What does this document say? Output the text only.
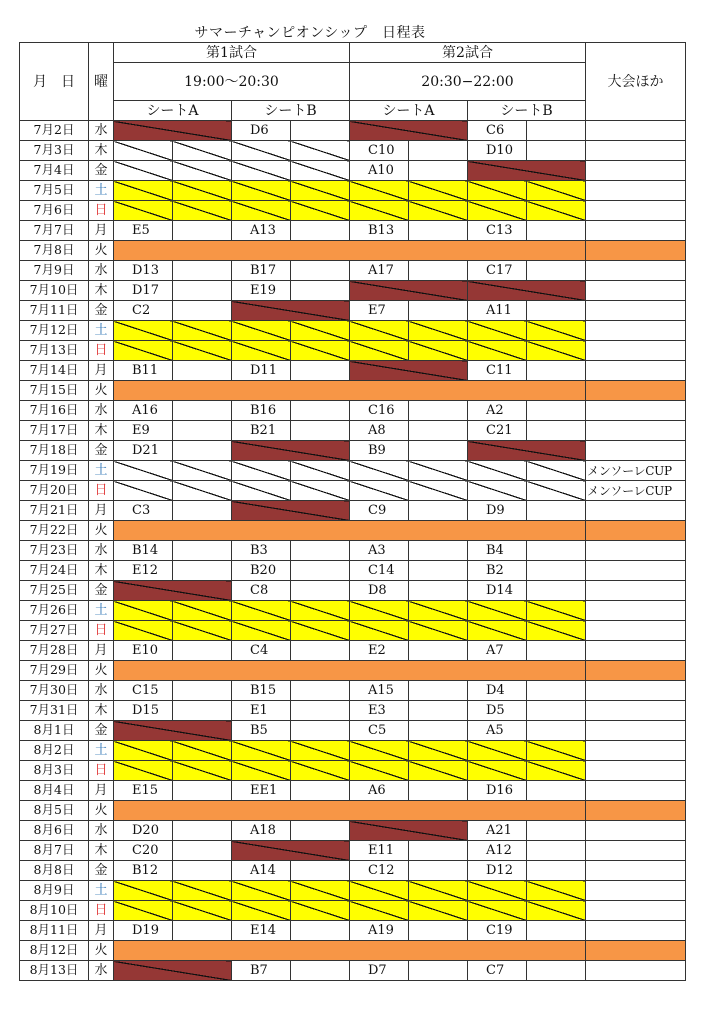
サマーチャンピオンシップ　日程表
月　日	曜	第1試合				第2試合				大会ほか
		19:00～20:30				20:30−22:00				
		シートA		シートB		シートA		シートB		
7月2日	水			D6				C6		
7月3日	木					C10		D10		
7月4日	金					A10				
7月5日	土									
7月6日	日									
7月7日	月	E5		A13		B13		C13		
7月8日	火									
7月9日	水	D13		B17		A17		C17		
7月10日	木	D17		E19						
7月11日	金	C2				E7		A11		
7月12日	土									
7月13日	日									
7月14日	月	B11		D11				C11		
7月15日	火									
7月16日	水	A16		B16		C16		A2		
7月17日	木	E9		B21		A8		C21		
7月18日	金	D21				B9				
7月19日	土									メンソーレCUP
7月20日	日									メンソーレCUP
7月21日	月	C3				C9		D9		
7月22日	火									
7月23日	水	B14		B3		A3		B4		
7月24日	木	E12		B20		C14		B2		
7月25日	金			C8		D8		D14		
7月26日	土									
7月27日	日									
7月28日	月	E10		C4		E2		A7		
7月29日	火									
7月30日	水	C15		B15		A15		D4		
7月31日	木	D15		E1		E3		D5		
8月1日	金			B5		C5		A5		
8月2日	土									
8月3日	日									
8月4日	月	E15		EE1		A6		D16		
8月5日	火									
8月6日	水	D20		A18				A21		
8月7日	木	C20				E11		A12		
8月8日	金	B12		A14		C12		D12		
8月9日	土									
8月10日	日									
8月11日	月	D19		E14		A19		C19		
8月12日	火									
8月13日	水			B7		D7		C7		
